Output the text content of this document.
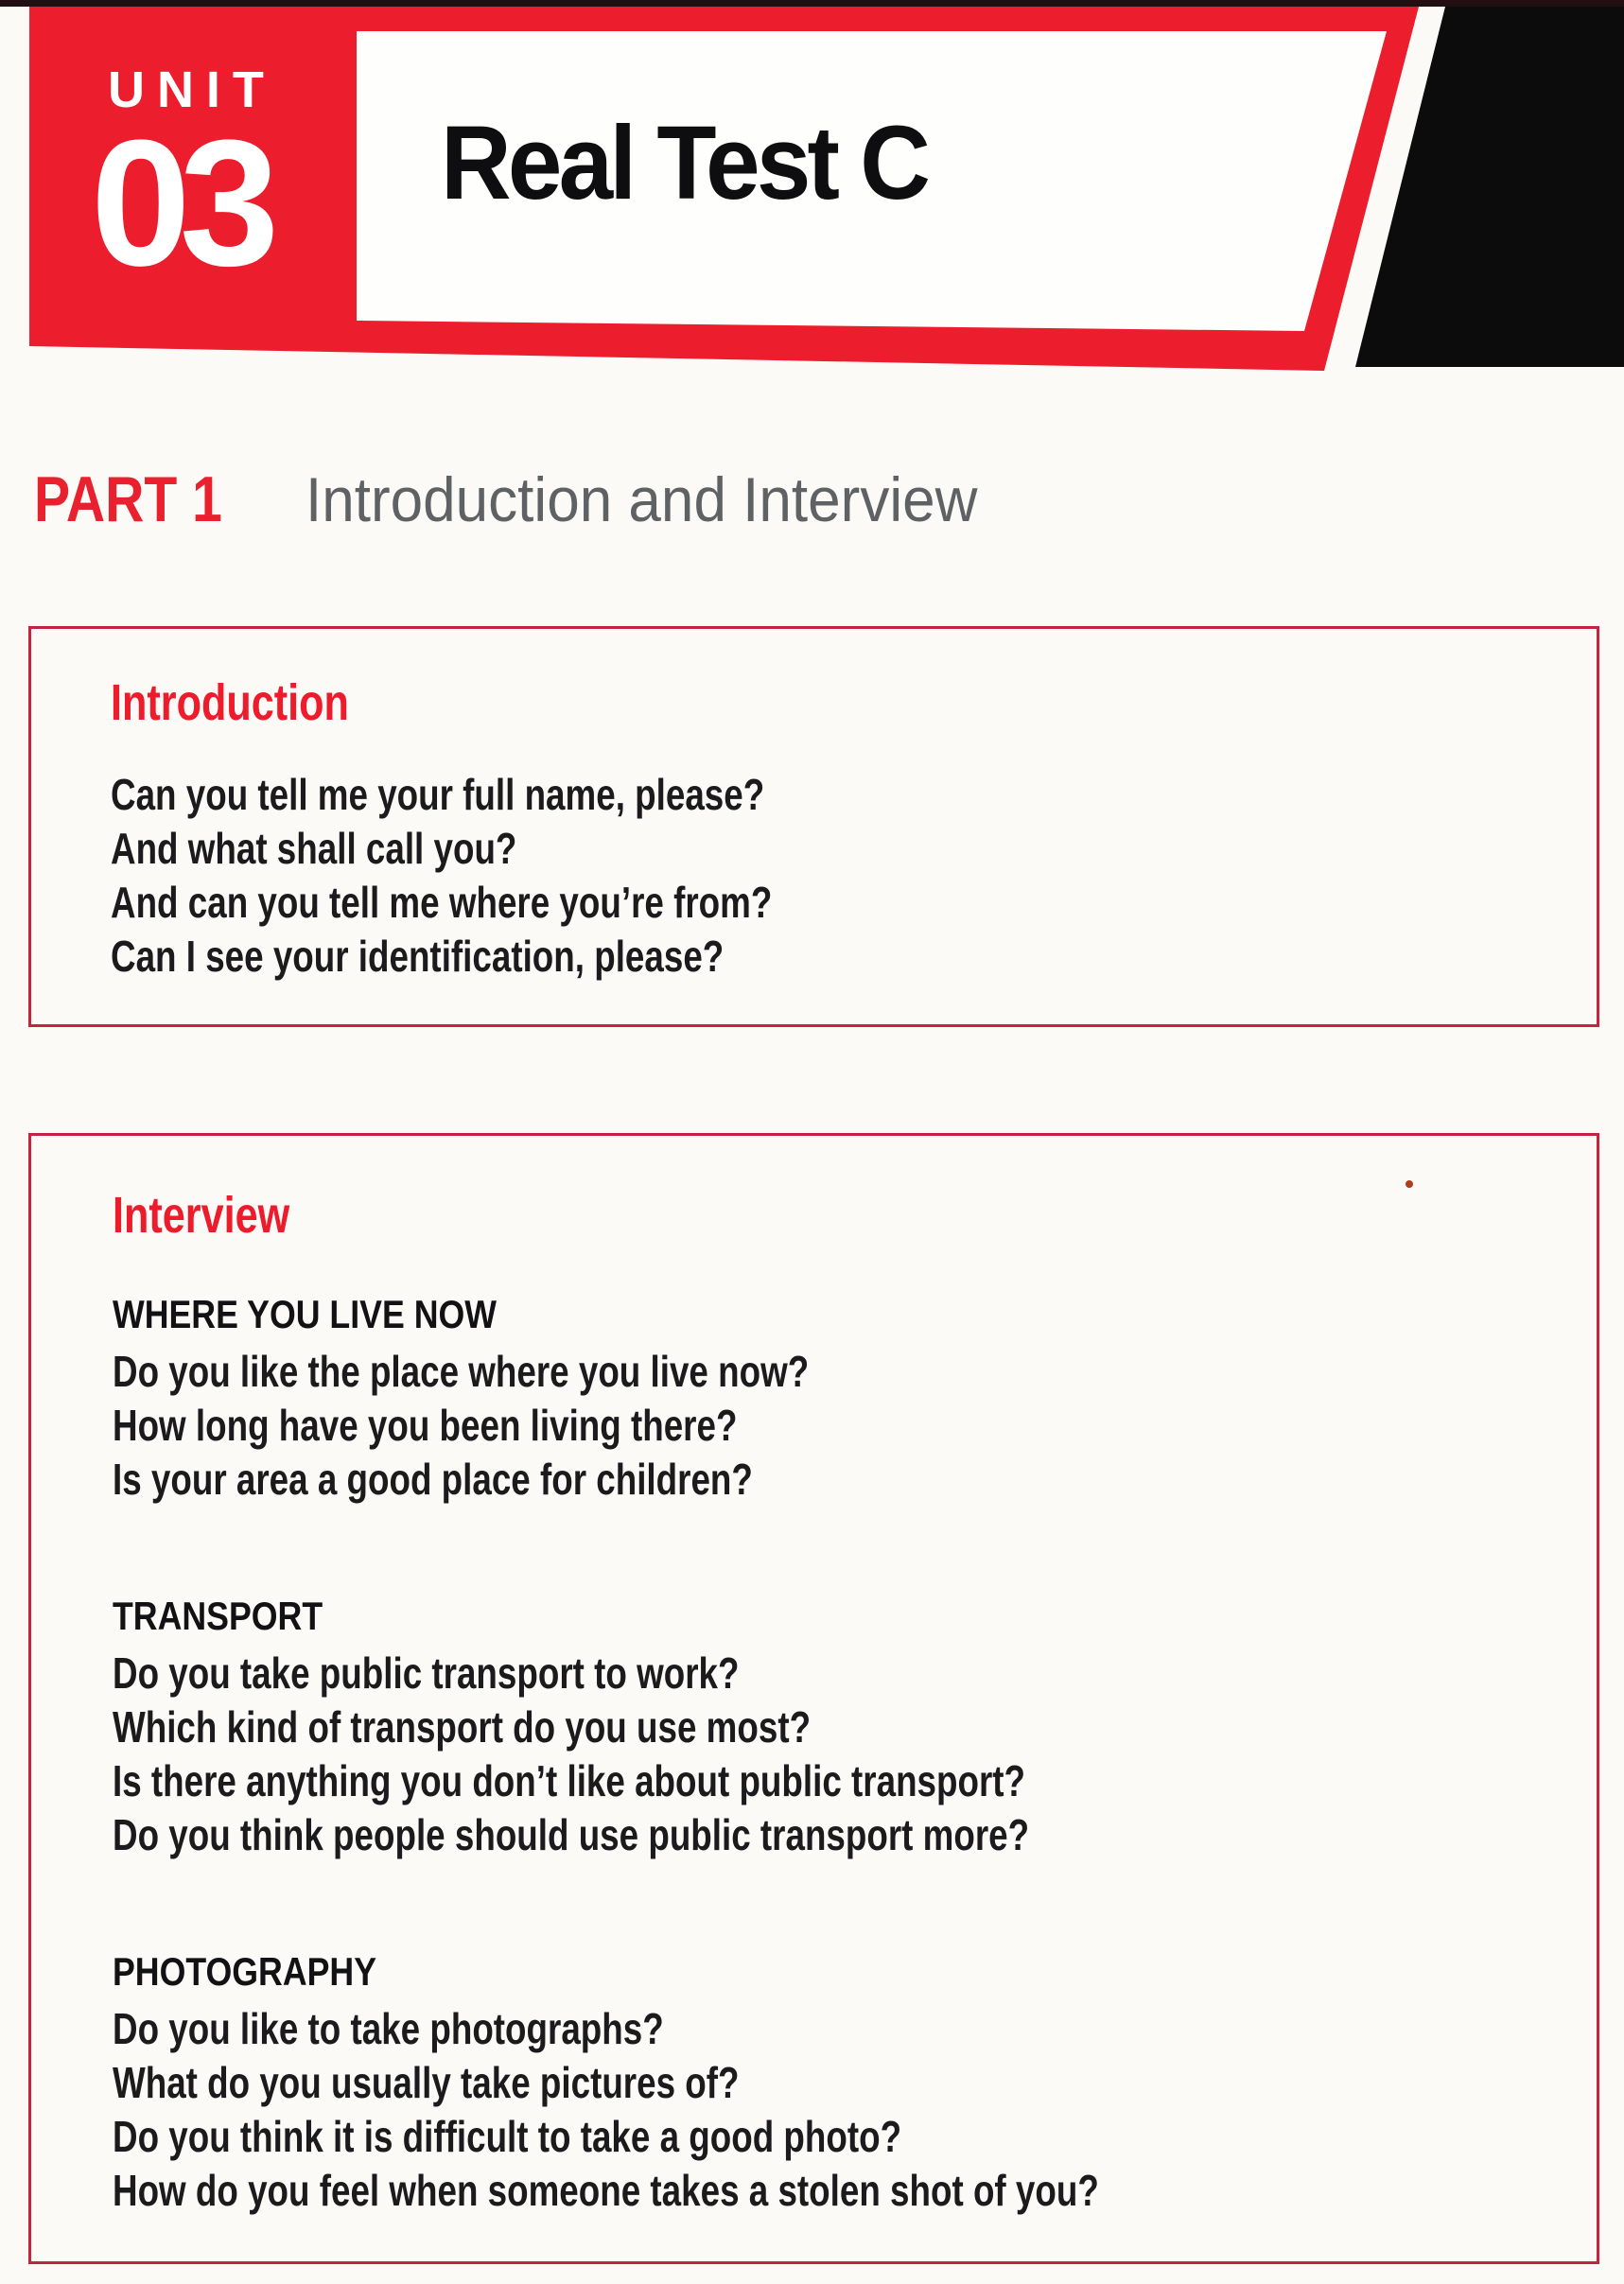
UNIT
03 Real Test C
PART 1 Introduction and Interview
Introduction

Can you tell me your full name, please?

And what shall call you?

And can you tell me where you’re from?

Can I see your identification, please?

Interview
WHERE YOU LIVE NOW

Do you like the place where you live now?

How long have you been living there?

Is your area a good place for children?

TRANSPORT

Do you take public transport to work?

Which kind of transport do you use most?

Is there anything you don’t like about public transport?

Do you think people should use public transport more?

PHOTOGRAPHY

Do you like to take photographs?

What do you usually take pictures of?

Do you think it is difficult to take a good photo?

How do you feel when someone takes a stolen shot of you?
